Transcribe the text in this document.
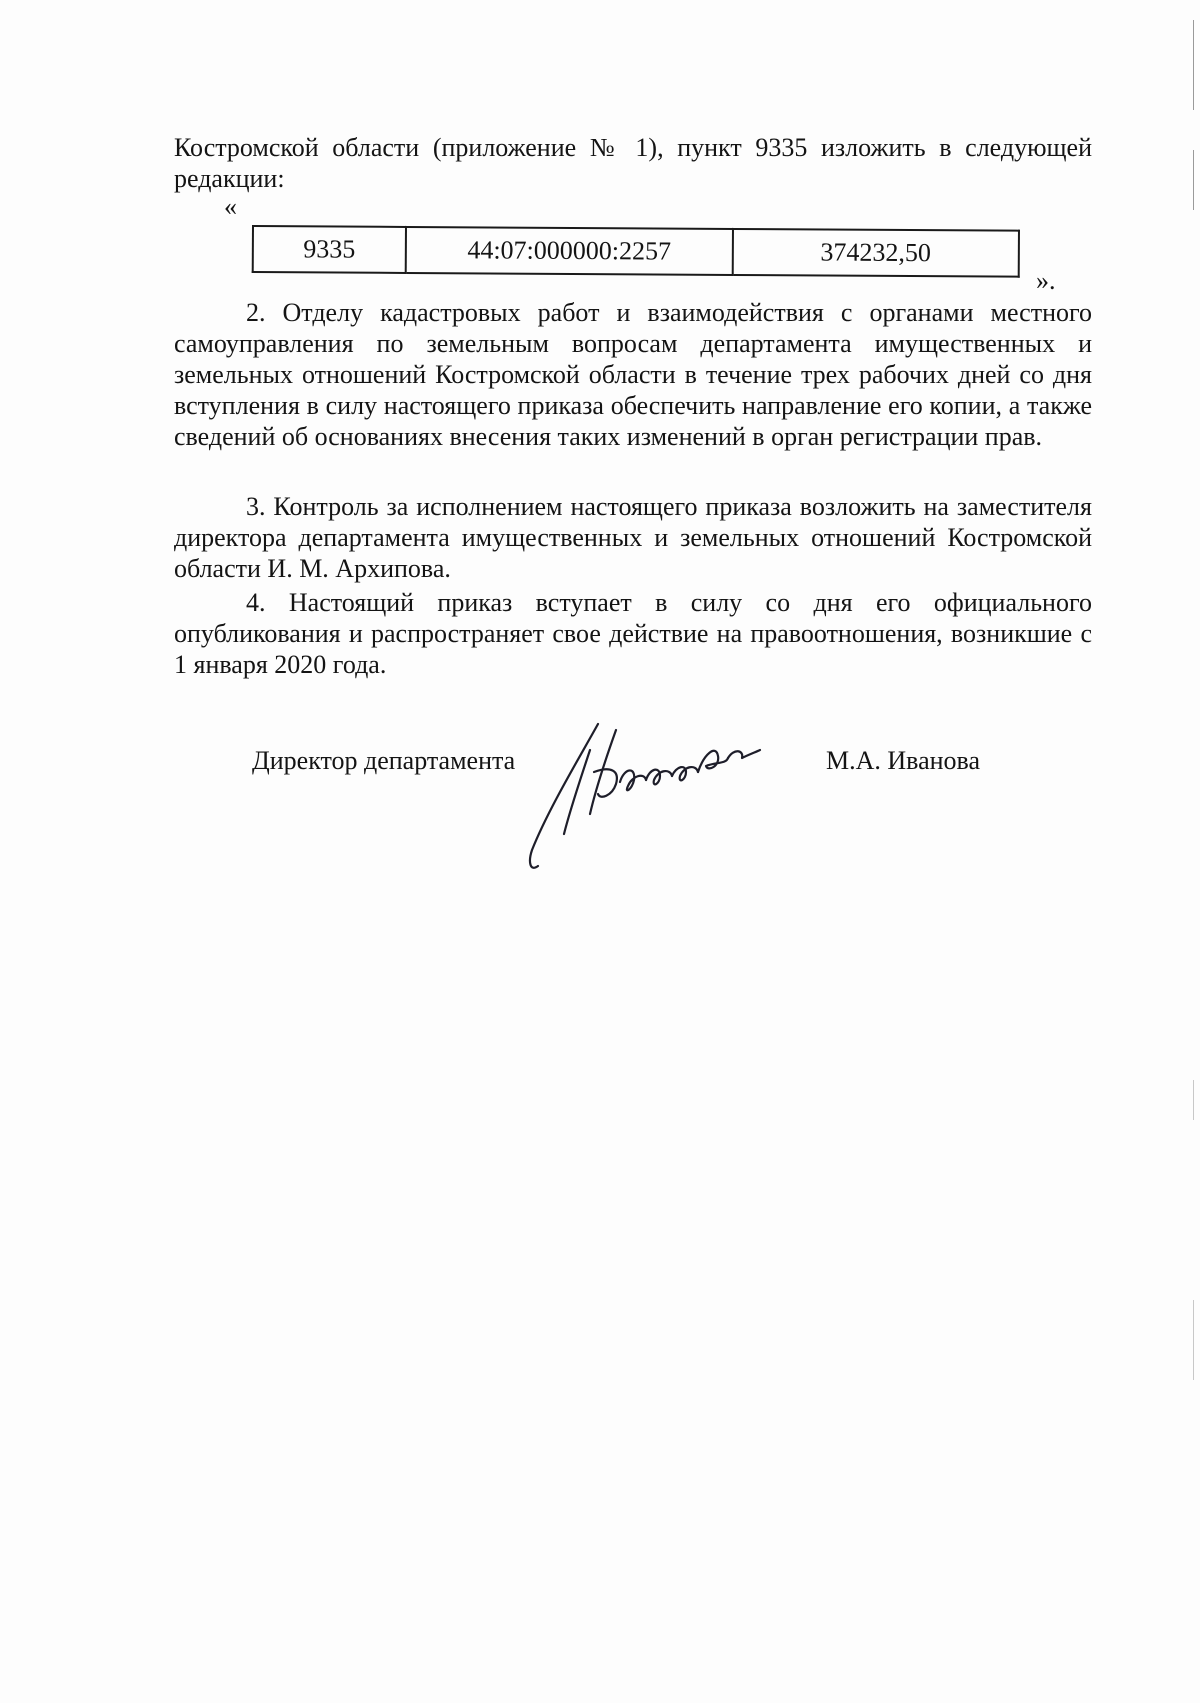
Костромской области (приложение № 1), пункт 9335 изложить в следующей редакции:

«
9335	44:07:000000:2257	374232,50
».

2. Отделу кадастровых работ и взаимодействия с органами местного самоуправления по земельным вопросам департамента имущественных и земельных отношений Костромской области в течение трех рабочих дней со дня вступления в силу настоящего приказа обеспечить направление его копии, а также сведений об основаниях внесения таких изменений в орган регистрации прав.

3. Контроль за исполнением настоящего приказа возложить на заместителя директора департамента имущественных и земельных отношений Костромской области И. М. Архипова.

4. Настоящий приказ вступает в силу со дня его официального опубликования и распространяет свое действие на правоотношения, возникшие с 1 января 2020 года.

Директор департамента	М.А. Иванова
